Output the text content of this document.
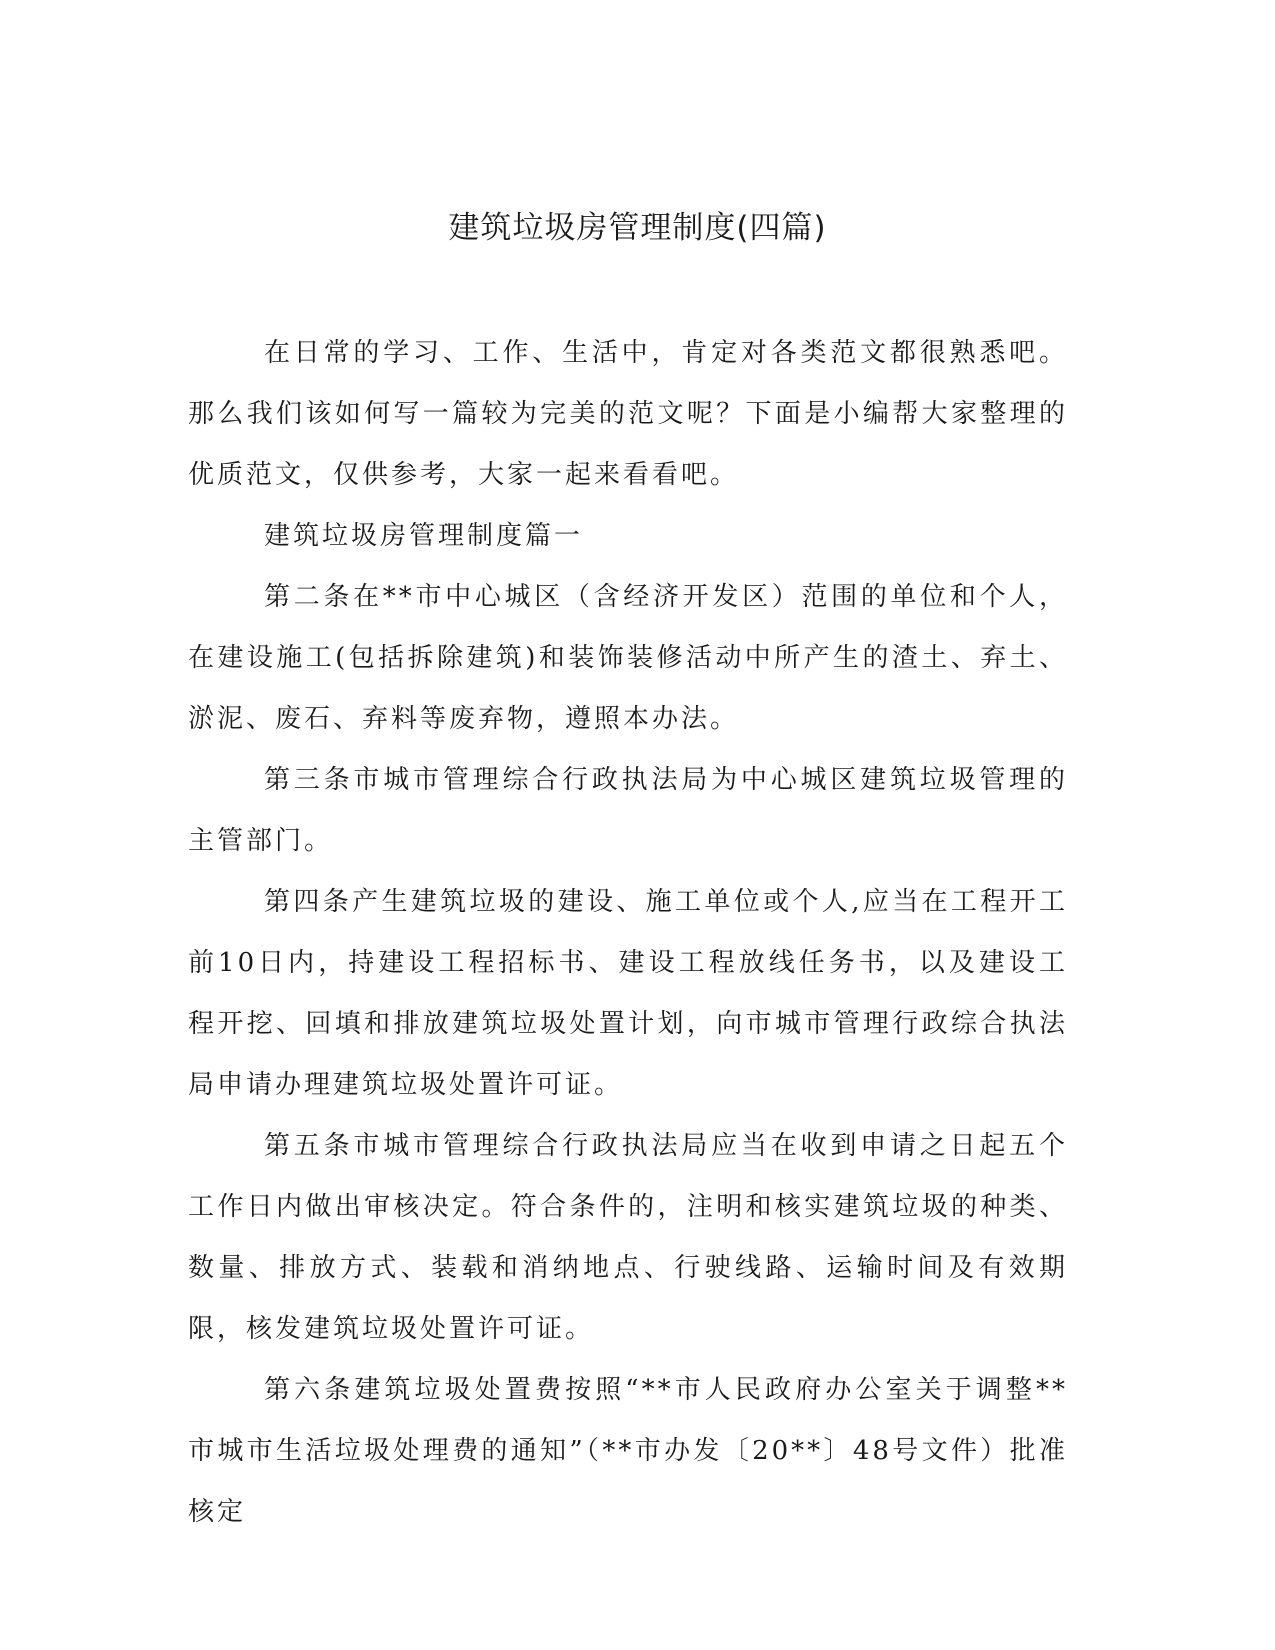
建筑垃圾房管理制度(四篇)

在日常的学习、工作、生活中，肯定对各类范文都很熟悉吧。那么我们该如何写一篇较为完美的范文呢？下面是小编帮大家整理的优质范文，仅供参考，大家一起来看看吧。

建筑垃圾房管理制度篇一

第二条在**市中心城区（含经济开发区）范围的单位和个人，在建设施工(包括拆除建筑)和装饰装修活动中所产生的渣土、弃土、淤泥、废石、弃料等废弃物，遵照本办法。

第三条市城市管理综合行政执法局为中心城区建筑垃圾管理的主管部门。

第四条产生建筑垃圾的建设、施工单位或个人,应当在工程开工前10日内，持建设工程招标书、建设工程放线任务书，以及建设工程开挖、回填和排放建筑垃圾处置计划，向市城市管理行政综合执法局申请办理建筑垃圾处置许可证。

第五条市城市管理综合行政执法局应当在收到申请之日起五个工作日内做出审核决定。符合条件的，注明和核实建筑垃圾的种类、数量、排放方式、装载和消纳地点、行驶线路、运输时间及有效期限，核发建筑垃圾处置许可证。

第六条建筑垃圾处置费按照“**市人民政府办公室关于调整**市城市生活垃圾处理费的通知”（**市办发〔20**〕48号文件）批准核定
